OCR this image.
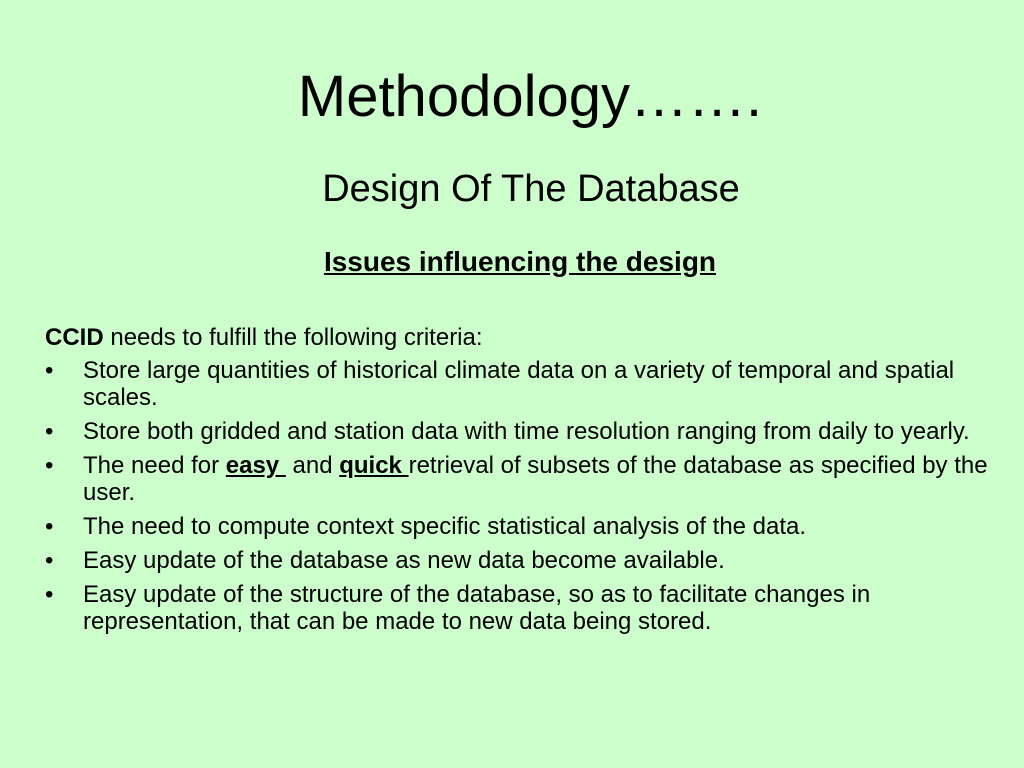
Methodology…….
Design Of The Database
Issues influencing the design

CCID needs to fulfill the following criteria:

• Store large quantities of historical climate data on a variety of temporal and spatial scales.
• Store both gridded and station data with time resolution ranging from daily to yearly.
• The need for easy  and quick retrieval of subsets of the database as specified by the user.
• The need to compute context specific statistical analysis of the data.
• Easy update of the database as new data become available.
• Easy update of the structure of the database, so as to facilitate changes in representation, that can be made to new data being stored.
